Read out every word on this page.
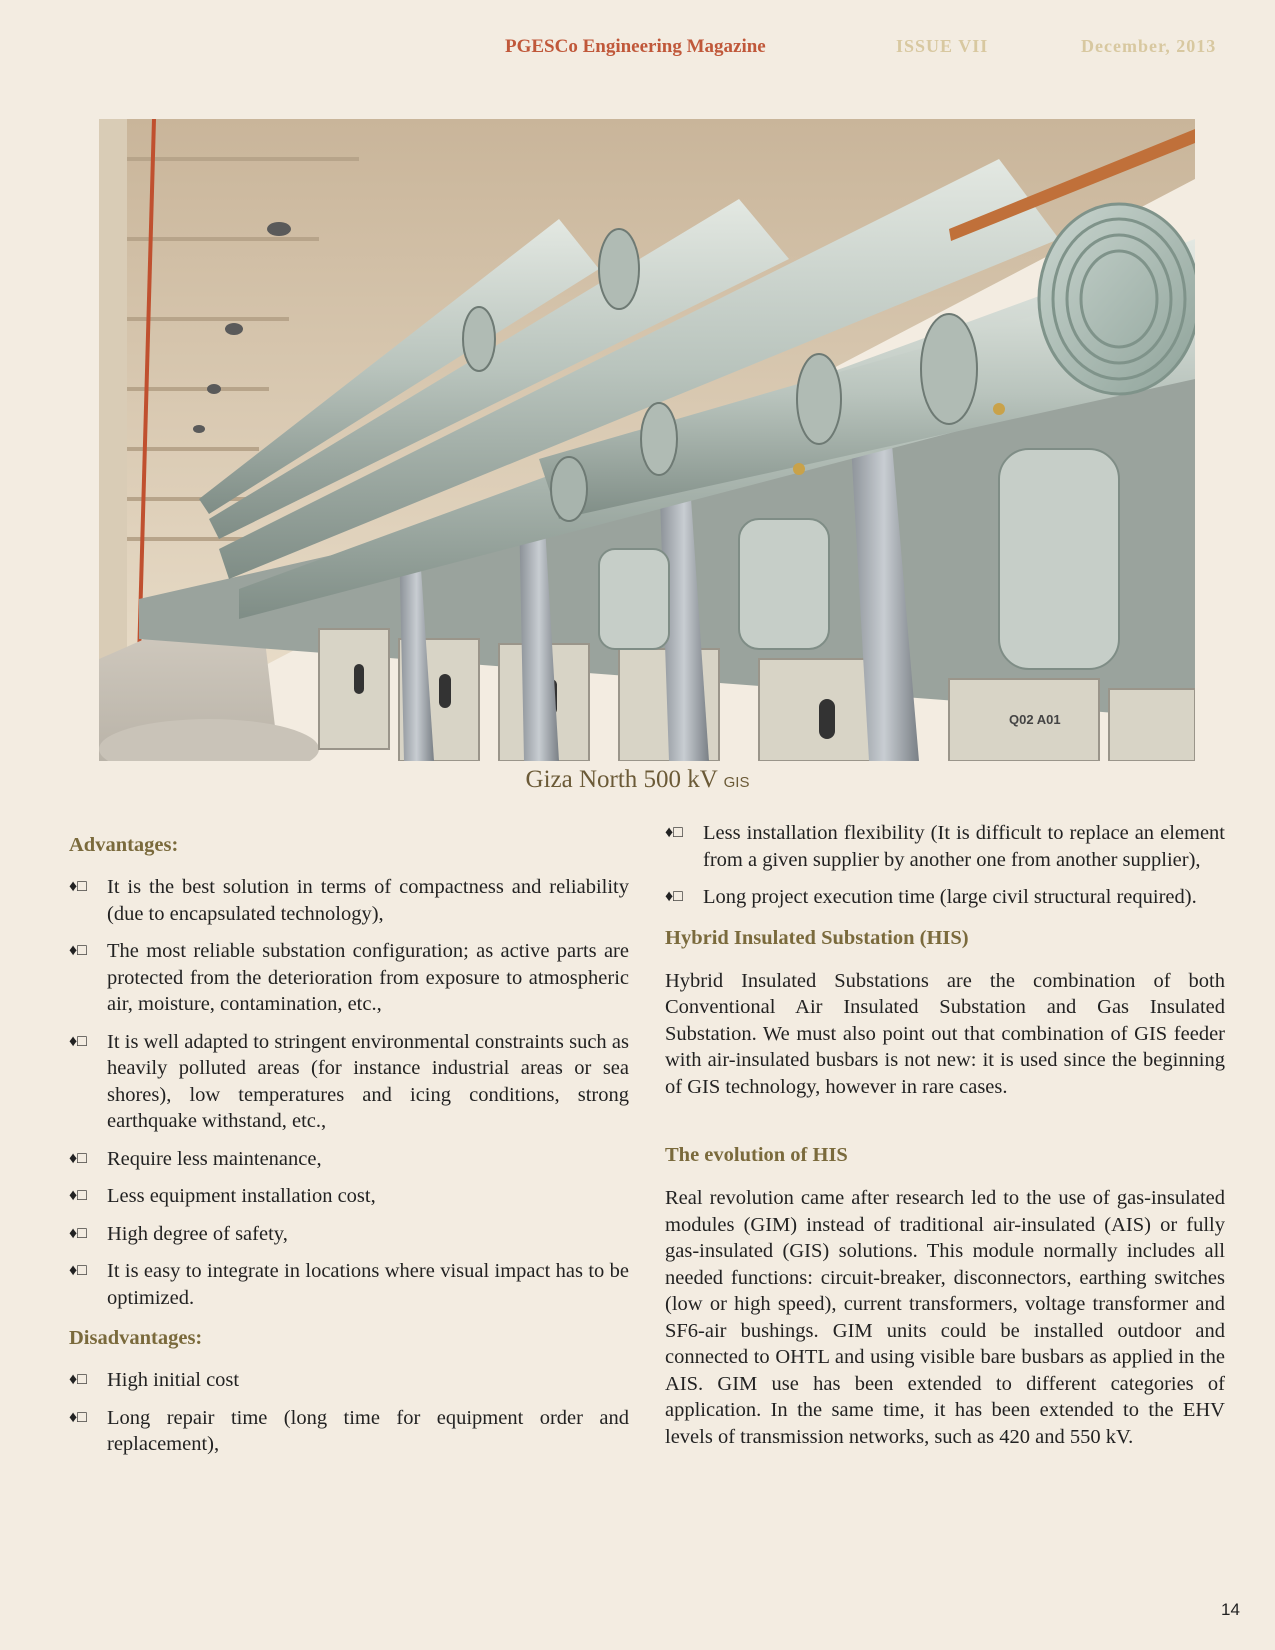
PGESCo Engineering Magazine	ISSUE VII	December, 2013
Q02 A01
Giza North 500 kV GIS
Advantages:
♦□ It is the best solution in terms of compactness and reliability (due to encapsulated technology),
♦□ The most reliable substation configuration; as active parts are protected from the deterioration from exposure to atmospheric air, moisture, contamination, etc.,
♦□ It is well adapted to stringent environmental constraints such as heavily polluted areas (for instance industrial areas or sea shores), low temperatures and icing conditions, strong earthquake withstand, etc.,
♦□ Require less maintenance,
♦□ Less equipment installation cost,
♦□ High degree of safety,
♦□ It is easy to integrate in locations where visual impact has to be optimized.
Disadvantages:
♦□ High initial cost
♦□ Long repair time (long time for equipment order and replacement),
♦□ Less installation flexibility (It is difficult to replace an element from a given supplier by another one from another supplier),
♦□ Long project execution time (large civil structural required).
Hybrid Insulated Substation (HIS)

Hybrid Insulated Substations are the combination of both Conventional Air Insulated Substation and Gas Insulated Substation. We must also point out that combination of GIS feeder with air-insulated busbars is not new: it is used since the beginning of GIS technology, however in rare cases.

The evolution of HIS

Real revolution came after research led to the use of gas-insulated modules (GIM) instead of traditional air-insulated (AIS) or fully gas-insulated (GIS) solutions. This module normally includes all needed functions: circuit-breaker, disconnectors, earthing switches (low or high speed), current transformers, voltage transformer and SF6-air bushings. GIM units could be installed outdoor and connected to OHTL and using visible bare busbars as applied in the AIS. GIM use has been extended to different categories of application. In the same time, it has been extended to the EHV levels of transmission networks, such as 420 and 550 kV.

14
